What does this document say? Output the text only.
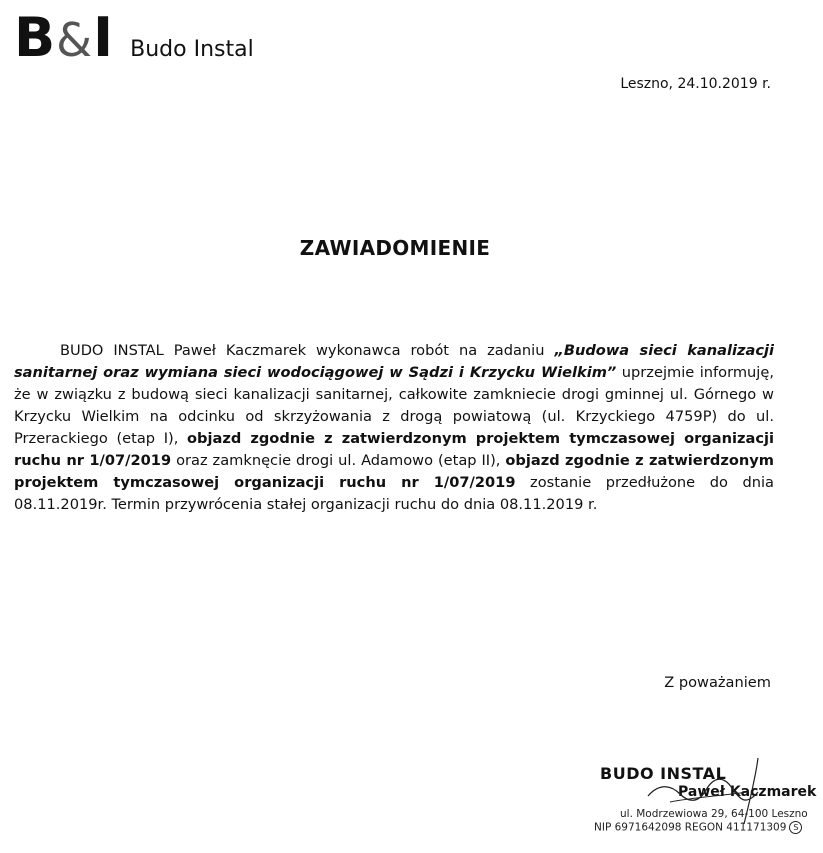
B&I Budo Instal
Leszno, 24.10.2019 r.
ZAWIADOMIENIE

BUDO INSTAL Paweł Kaczmarek wykonawca robót na zadaniu „Budowa sieci kanalizacji sanitarnej oraz wymiana sieci wodociągowej w Sądzi i Krzycku Wielkim” uprzejmie informuję, że w związku z budową sieci kanalizacji sanitarnej, całkowite zamkniecie drogi gminnej ul. Górnego w Krzycku Wielkim na odcinku od skrzyżowania z drogą powiatową (ul. Krzyckiego 4759P) do ul. Przerackiego (etap I), objazd zgodnie z zatwierdzonym projektem tymczasowej organizacji ruchu nr 1/07/2019 oraz zamknęcie drogi ul. Adamowo (etap II), objazd zgodnie z zatwierdzonym projektem tymczasowej organizacji ruchu nr 1/07/2019 zostanie przedłużone do dnia 08.11.2019r. Termin przywrócenia stałej organizacji ruchu do dnia 08.11.2019 r.

Z poważaniem
BUDO INSTAL
Paweł Kaczmarek
ul. Modrzewiowa 29, 64-100 Leszno
NIP 6971642098 REGON 411171309 S
